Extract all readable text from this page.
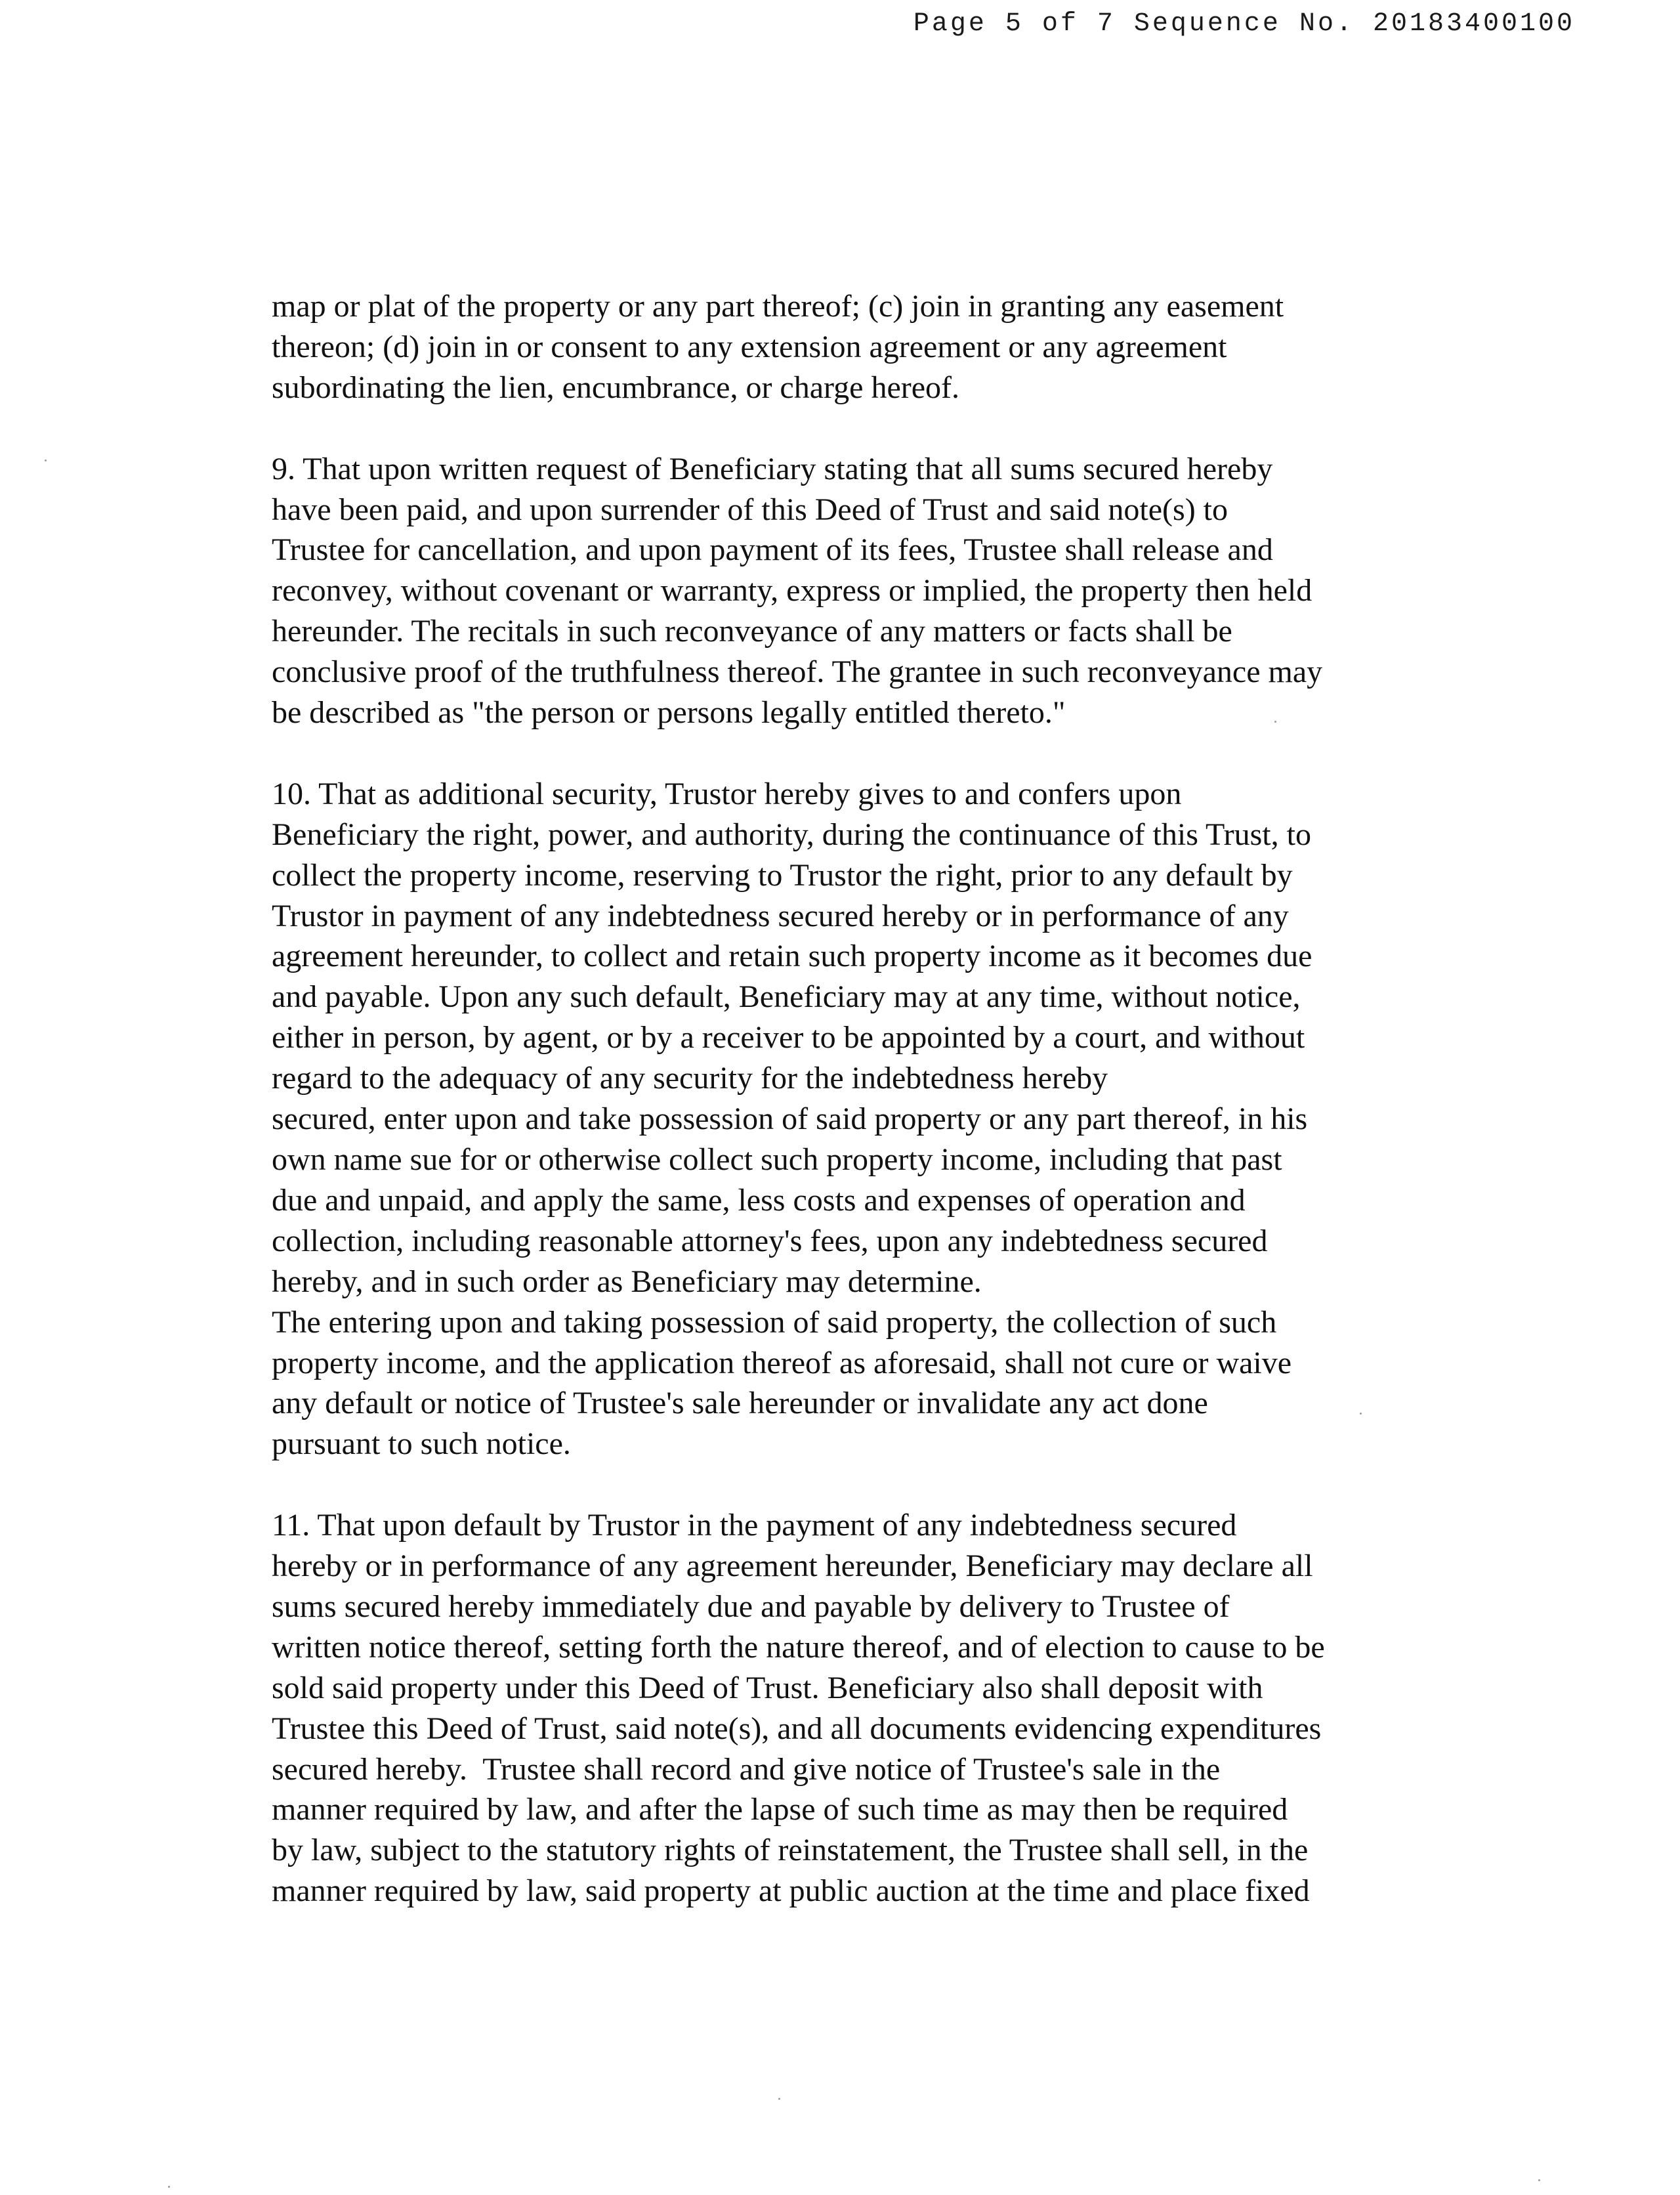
Page 5 of 7 Sequence No. 20183400100
map or plat of the property or any part thereof; (c) join in granting any easement
thereon; (d) join in or consent to any extension agreement or any agreement
subordinating the lien, encumbrance, or charge hereof.
9. That upon written request of Beneficiary stating that all sums secured hereby
have been paid, and upon surrender of this Deed of Trust and said note(s) to
Trustee for cancellation, and upon payment of its fees, Trustee shall release and
reconvey, without covenant or warranty, express or implied, the property then held
hereunder. The recitals in such reconveyance of any matters or facts shall be
conclusive proof of the truthfulness thereof. The grantee in such reconveyance may
be described as "the person or persons legally entitled thereto."
10. That as additional security, Trustor hereby gives to and confers upon
Beneficiary the right, power, and authority, during the continuance of this Trust, to
collect the property income, reserving to Trustor the right, prior to any default by
Trustor in payment of any indebtedness secured hereby or in performance of any
agreement hereunder, to collect and retain such property income as it becomes due
and payable. Upon any such default, Beneficiary may at any time, without notice,
either in person, by agent, or by a receiver to be appointed by a court, and without
regard to the adequacy of any security for the indebtedness hereby
secured, enter upon and take possession of said property or any part thereof, in his
own name sue for or otherwise collect such property income, including that past
due and unpaid, and apply the same, less costs and expenses of operation and
collection, including reasonable attorney's fees, upon any indebtedness secured
hereby, and in such order as Beneficiary may determine.
The entering upon and taking possession of said property, the collection of such
property income, and the application thereof as aforesaid, shall not cure or waive
any default or notice of Trustee's sale hereunder or invalidate any act done
pursuant to such notice.
11. That upon default by Trustor in the payment of any indebtedness secured
hereby or in performance of any agreement hereunder, Beneficiary may declare all
sums secured hereby immediately due and payable by delivery to Trustee of
written notice thereof, setting forth the nature thereof, and of election to cause to be
sold said property under this Deed of Trust. Beneficiary also shall deposit with
Trustee this Deed of Trust, said note(s), and all documents evidencing expenditures
secured hereby.  Trustee shall record and give notice of Trustee's sale in the
manner required by law, and after the lapse of such time as may then be required
by law, subject to the statutory rights of reinstatement, the Trustee shall sell, in the
manner required by law, said property at public auction at the time and place fixed
